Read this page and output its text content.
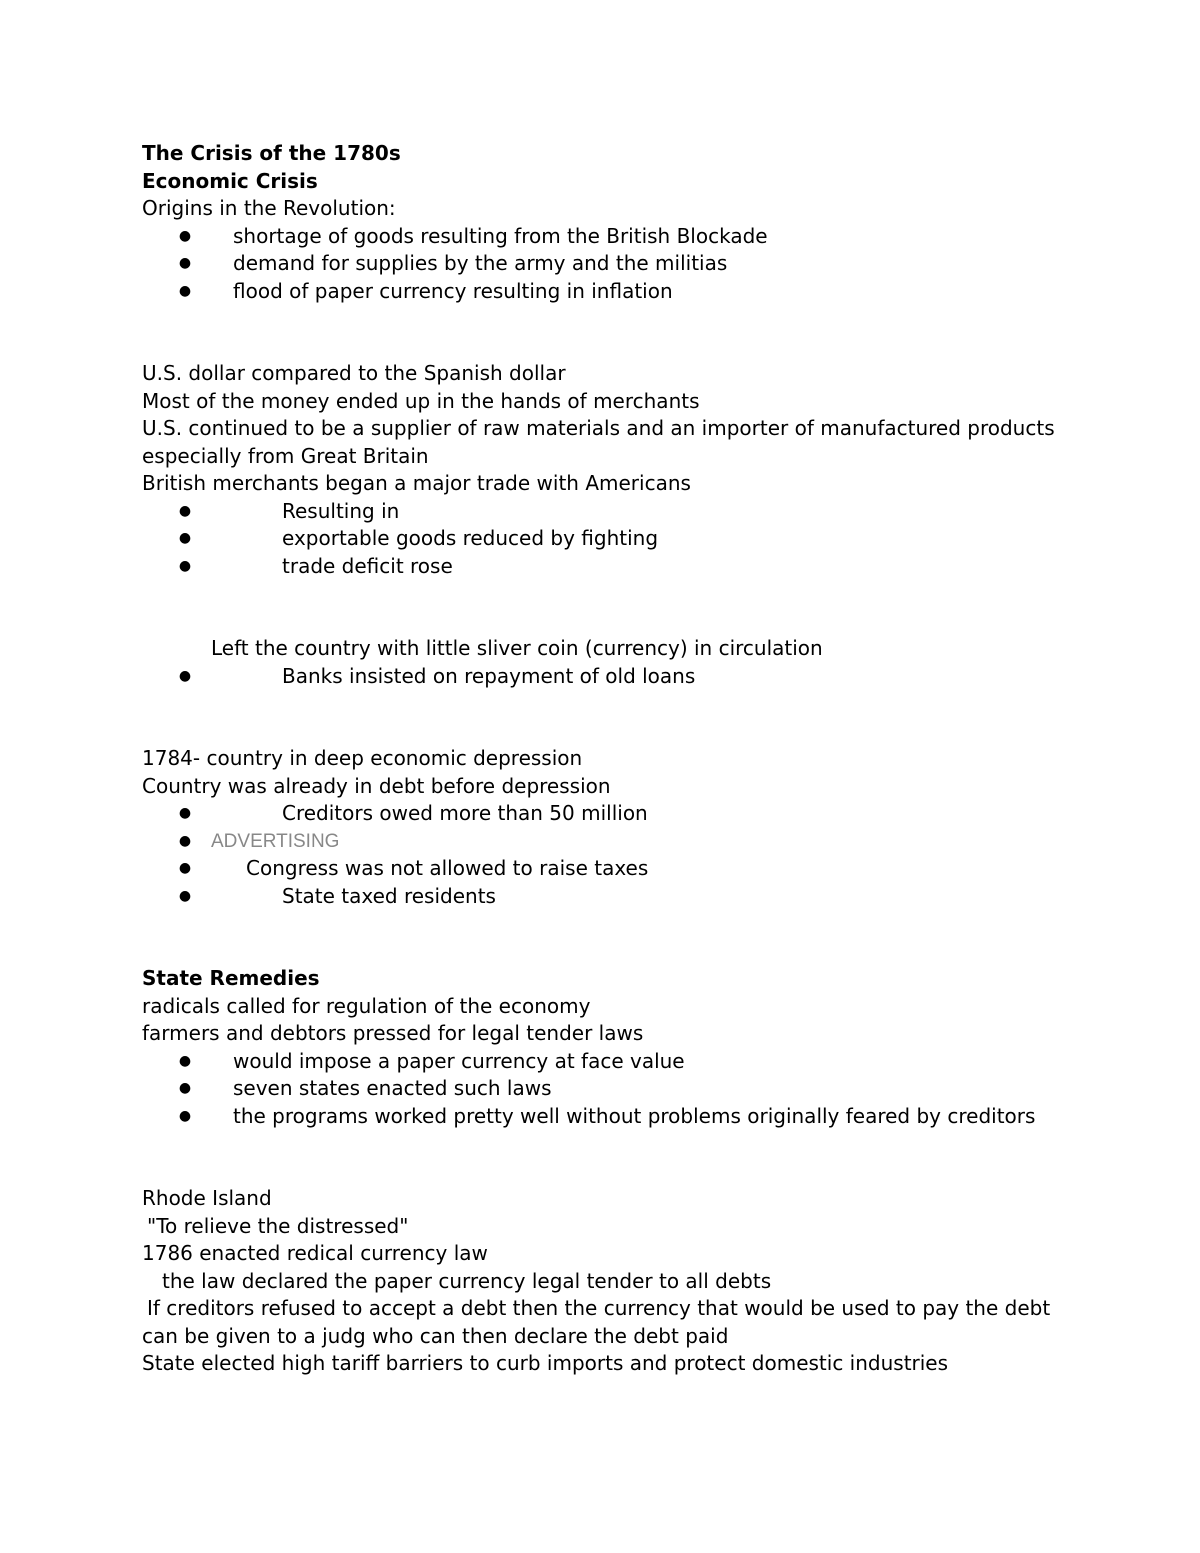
The Crisis of the 1780s

Economic Crisis

Origins in the Revolution:

●	shortage of goods resulting from the British Blockade
●	demand for supplies by the army and the militias
●	flood of paper currency resulting in inflation

U.S. dollar compared to the Spanish dollar

Most of the money ended up in the hands of merchants

U.S. continued to be a supplier of raw materials and an importer of manufactured products

especially from Great Britain

British merchants began a major trade with Americans

●	Resulting in
●	exportable goods reduced by fighting
●	trade deficit rose

Left the country with little sliver coin (currency) in circulation

●	Banks insisted on repayment of old loans

1784- country in deep economic depression

Country was already in debt before depression

●	Creditors owed more than 50 million
●	ADVERTISING
●	Congress was not allowed to raise taxes
●	State taxed residents

State Remedies

radicals called for regulation of the economy

farmers and debtors pressed for legal tender laws

●	would impose a paper currency at face value
●	seven states enacted such laws
●	the programs worked pretty well without problems originally feared by creditors

Rhode Island

"To relieve the distressed"

1786 enacted redical currency law

the law declared the paper currency legal tender to all debts

If creditors refused to accept a debt then the currency that would be used to pay the debt

can be given to a judg who can then declare the debt paid

State elected high tariff barriers to curb imports and protect domestic industries
